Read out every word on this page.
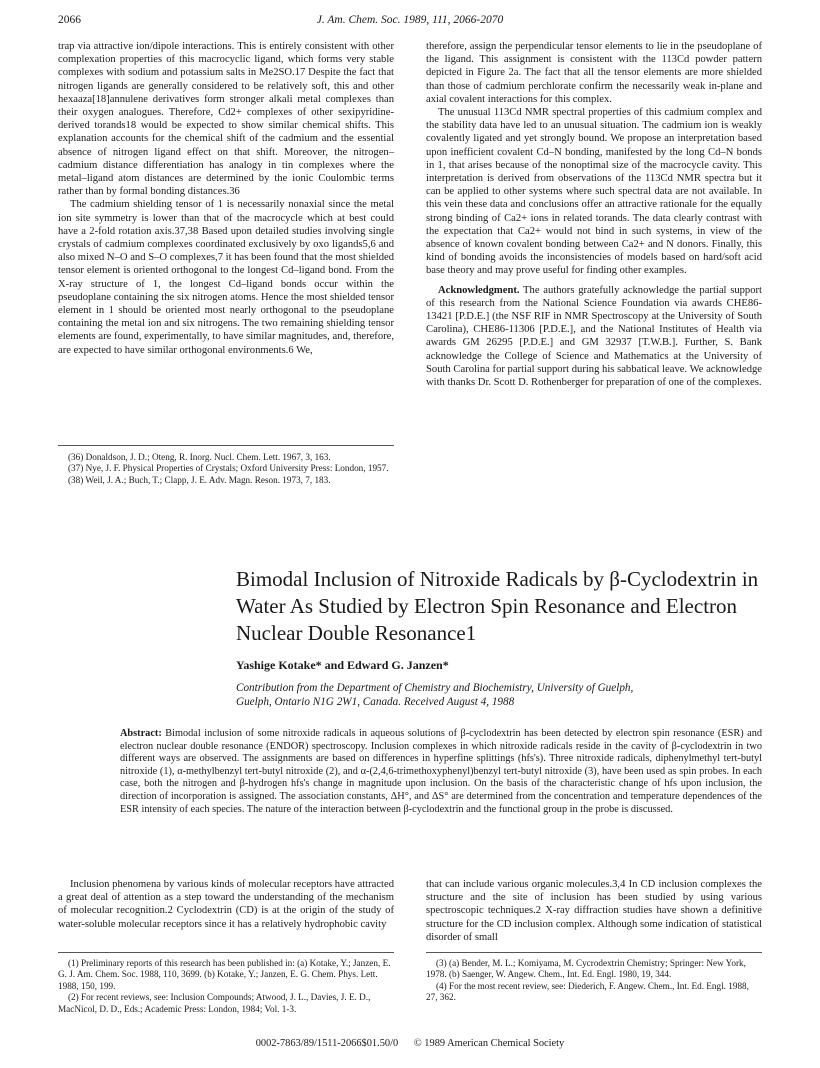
2066	J. Am. Chem. Soc. 1989, 111, 2066-2070

trap via attractive ion/dipole interactions. This is entirely consistent with other complexation properties of this macrocyclic ligand, which forms very stable complexes with sodium and potassium salts in Me2SO.17 Despite the fact that nitrogen ligands are generally considered to be relatively soft, this and other hexaaza[18]annulene derivatives form stronger alkali metal complexes than their oxygen analogues. Therefore, Cd2+ complexes of other sexipyridine-derived torands18 would be expected to show similar chemical shifts. This explanation accounts for the chemical shift of the cadmium and the essential absence of nitrogen ligand effect on that shift. Moreover, the nitrogen–cadmium distance differentiation has analogy in tin complexes where the metal–ligand atom distances are determined by the ionic Coulombic terms rather than by formal bonding distances.36

The cadmium shielding tensor of 1 is necessarily nonaxial since the metal ion site symmetry is lower than that of the macrocycle which at best could have a 2-fold rotation axis.37,38 Based upon detailed studies involving single crystals of cadmium complexes coordinated exclusively by oxo ligands5,6 and also mixed N–O and S–O complexes,7 it has been found that the most shielded tensor element is oriented orthogonal to the longest Cd–ligand bond. From the X-ray structure of 1, the longest Cd–ligand bonds occur within the pseudoplane containing the six nitrogen atoms. Hence the most shielded tensor element in 1 should be oriented most nearly orthogonal to the pseudoplane containing the metal ion and six nitrogens. The two remaining shielding tensor elements are found, experimentally, to have similar magnitudes, and, therefore, are expected to have similar orthogonal environments.6 We,

(36) Donaldson, J. D.; Oteng, R. Inorg. Nucl. Chem. Lett. 1967, 3, 163.

(37) Nye, J. F. Physical Properties of Crystals; Oxford University Press: London, 1957.

(38) Weil, J. A.; Buch, T.; Clapp, J. E. Adv. Magn. Reson. 1973, 7, 183.

therefore, assign the perpendicular tensor elements to lie in the pseudoplane of the ligand. This assignment is consistent with the 113Cd powder pattern depicted in Figure 2a. The fact that all the tensor elements are more shielded than those of cadmium perchlorate confirm the necessarily weak in-plane and axial covalent interactions for this complex.

The unusual 113Cd NMR spectral properties of this cadmium complex and the stability data have led to an unusual situation. The cadmium ion is weakly covalently ligated and yet strongly bound. We propose an interpretation based upon inefficient covalent Cd–N bonding, manifested by the long Cd–N bonds in 1, that arises because of the nonoptimal size of the macrocycle cavity. This interpretation is derived from observations of the 113Cd NMR spectra but it can be applied to other systems where such spectral data are not available. In this vein these data and conclusions offer an attractive rationale for the equally strong binding of Ca2+ ions in related torands. The data clearly contrast with the expectation that Ca2+ would not bind in such systems, in view of the absence of known covalent bonding between Ca2+ and N donors. Finally, this kind of bonding avoids the inconsistencies of models based on hard/soft acid base theory and may prove useful for finding other examples.

Acknowledgment. The authors gratefully acknowledge the partial support of this research from the National Science Foundation via awards CHE86-13421 [P.D.E.] (the NSF RIF in NMR Spectroscopy at the University of South Carolina), CHE86-11306 [P.D.E.], and the National Institutes of Health via awards GM 26295 [P.D.E.] and GM 32937 [T.W.B.]. Further, S. Bank acknowledge the College of Science and Mathematics at the University of South Carolina for partial support during his sabbatical leave. We acknowledge with thanks Dr. Scott D. Rothenberger for preparation of one of the complexes.

Bimodal Inclusion of Nitroxide Radicals by β-Cyclodextrin in
Water As Studied by Electron Spin Resonance and Electron
Nuclear Double Resonance1
Yashige Kotake* and Edward G. Janzen*
Contribution from the Department of Chemistry and Biochemistry, University of Guelph,
Guelph, Ontario N1G 2W1, Canada. Received August 4, 1988
Abstract: Bimodal inclusion of some nitroxide radicals in aqueous solutions of β-cyclodextrin has been detected by electron spin resonance (ESR) and electron nuclear double resonance (ENDOR) spectroscopy. Inclusion complexes in which nitroxide radicals reside in the cavity of β-cyclodextrin in two different ways are observed. The assignments are based on differences in hyperfine splittings (hfs's). Three nitroxide radicals, diphenylmethyl tert-butyl nitroxide (1), α-methylbenzyl tert-butyl nitroxide (2), and α-(2,4,6-trimethoxyphenyl)benzyl tert-butyl nitroxide (3), have been used as spin probes. In each case, both the nitrogen and β-hydrogen hfs's change in magnitude upon inclusion. On the basis of the characteristic change of hfs upon inclusion, the direction of incorporation is assigned. The association constants, ΔH°, and ΔS° are determined from the concentration and temperature dependences of the ESR intensity of each species. The nature of the interaction between β-cyclodextrin and the functional group in the probe is discussed.

Inclusion phenomena by various kinds of molecular receptors have attracted a great deal of attention as a step toward the understanding of the mechanism of molecular recognition.2 Cyclodextrin (CD) is at the origin of the study of water-soluble molecular receptors since it has a relatively hydrophobic cavity

(1) Preliminary reports of this research has been published in: (a) Kotake, Y.; Janzen, E. G. J. Am. Chem. Soc. 1988, 110, 3699. (b) Kotake, Y.; Janzen, E. G. Chem. Phys. Lett. 1988, 150, 199.

(2) For recent reviews, see: Inclusion Compounds; Atwood, J. L., Davies, J. E. D., MacNicol, D. D., Eds.; Academic Press: London, 1984; Vol. 1-3.

that can include various organic molecules.3,4 In CD inclusion complexes the structure and the site of inclusion has been studied by using various spectroscopic techniques.2 X-ray diffraction studies have shown a definitive structure for the CD inclusion complex. Although some indication of statistical disorder of small

(3) (a) Bender, M. L.; Komiyama, M. Cycrodextrin Chemistry; Springer: New York, 1978. (b) Saenger, W. Angew. Chem., Int. Ed. Engl. 1980, 19, 344.

(4) For the most recent review, see: Diederich, F. Angew. Chem., Int. Ed. Engl. 1988, 27, 362.

0002-7863/89/1511-2066$01.50/0 © 1989 American Chemical Society
